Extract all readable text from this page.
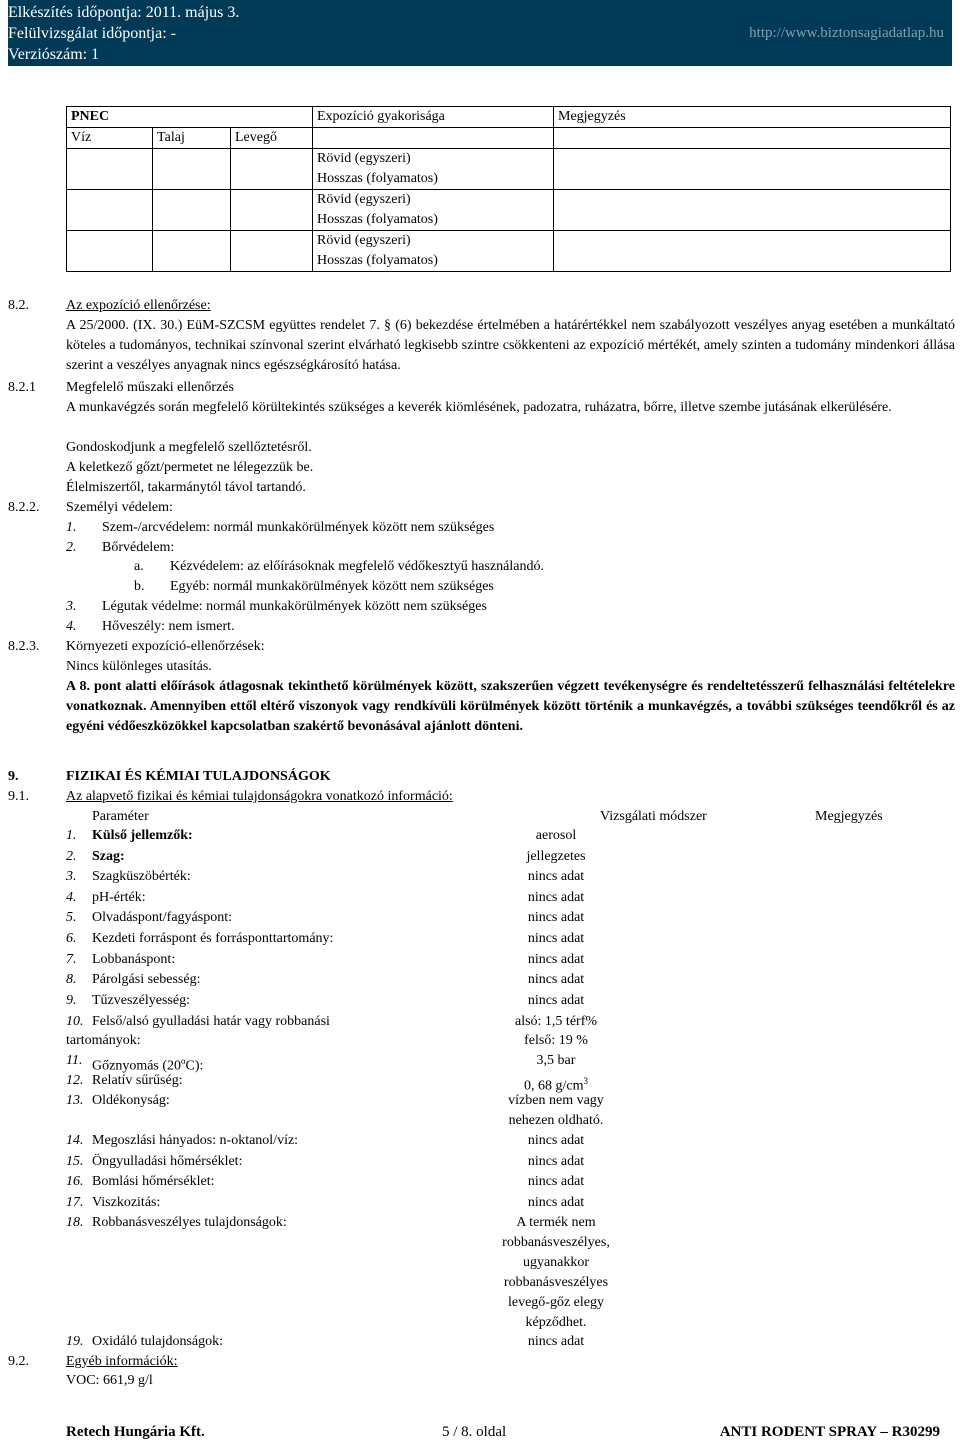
Elkészítés időpontja: 2011. május 3.
Felülvizsgálat időpontja: -
Verziószám: 1
http://www.biztonsagiadatlap.hu
PNEC			Expozíció gyakorisága	Megjegyzés
Víz	Talaj	Levegő		

			Rövid (egyszeri)
Hosszas (folyamatos)	

			Rövid (egyszeri)
Hosszas (folyamatos)	

			Rövid (egyszeri)
Hosszas (folyamatos)	

8.2.	Az expozíció ellenőrzése:
A 25/2000. (IX. 30.) EüM-SZCSM együttes rendelet 7. § (6) bekezdése értelmében a határértékkel nem szabályozott veszélyes anyag esetében a munkáltató köteles a tudományos, technikai színvonal szerint elvárható legkisebb szintre csökkenteni az expozíció mértékét, amely szinten a tudomány mindenkori állása szerint a veszélyes anyagnak nincs egészségkárosító hatása.
8.2.1 Megfelelő műszaki ellenőrzés
A munkavégzés során megfelelő körültekintés szükséges a keverék kiömlésének, padozatra, ruházatra, bőrre, illetve szembe jutásának elkerülésére.
Gondoskodjunk a megfelelő szellőztetésről.
A keletkező gőzt/permetet ne lélegezzük be.
Élelmiszertől, takarmánytól távol tartandó.
8.2.2. Személyi védelem:
1. Szem-/arcvédelem: normál munkakörülmények között nem szükséges
2. Bőrvédelem:
a. Kézvédelem: az előírásoknak megfelelő védőkesztyű használandó.
b. Egyéb: normál munkakörülmények között nem szükséges
3. Légutak védelme: normál munkakörülmények között nem szükséges
4. Hőveszély: nem ismert.
8.2.3. Környezeti expozíció-ellenőrzések:
Nincs különleges utasítás.
A 8. pont alatti előírások átlagosnak tekinthető körülmények között, szakszerűen végzett tevékenységre és rendeltetésszerű felhasználási feltételekre vonatkoznak. Amennyiben ettől eltérő viszonyok vagy rendkívüli körülmények között történik a munkavégzés, a további szükséges teendőkről és az egyéni védőeszközökkel kapcsolatban szakértő bevonásával ajánlott dönteni.
9.	FIZIKAI ÉS KÉMIAI TULAJDONSÁGOK
9.1.	Az alapvető fizikai és kémiai tulajdonságokra vonatkozó információ:
Paraméter	Vizsgálati módszer	Megjegyzés
1. Külső jellemzők:	aerosol
2. Szag:	jellegzetes
3. Szagküszöbérték:	nincs adat
4. pH-érték:	nincs adat
5. Olvadáspont/fagyáspont:	nincs adat
6. Kezdeti forráspont és forrásponttartomány:	nincs adat
7. Lobbanáspont:	nincs adat
8. Párolgási sebesség:	nincs adat
9. Tűzveszélyesség:	nincs adat
10. Felső/alsó gyulladási határ vagy robbanási	alsó: 1,5 térf%
tartományok:	felső: 19 %
11. Gőznyomás (20$^o$C):	3,5 bar
12. Relatív sűrűség:	0, 68 $g/cm^3$
13. Oldékonyság:	vízben nem vagy
nehezen oldható.
14. Megoszlási hányados: n-oktanol/víz:	nincs adat
15. Öngyulladási hőmérséklet:	nincs adat
16. Bomlási hőmérséklet:	nincs adat
17. Viszkozitás:	nincs adat
18. Robbanásveszélyes tulajdonságok:	A termék nem
robbanásveszélyes,
ugyanakkor
robbanásveszélyes
levegő-gőz elegy
képződhet.
19. Oxidáló tulajdonságok:	nincs adat
9.2.	Egyéb információk:
VOC: 661,9 g/l
Retech Hungária Kft.	5 / 8. oldal	ANTI RODENT SPRAY – R30299
